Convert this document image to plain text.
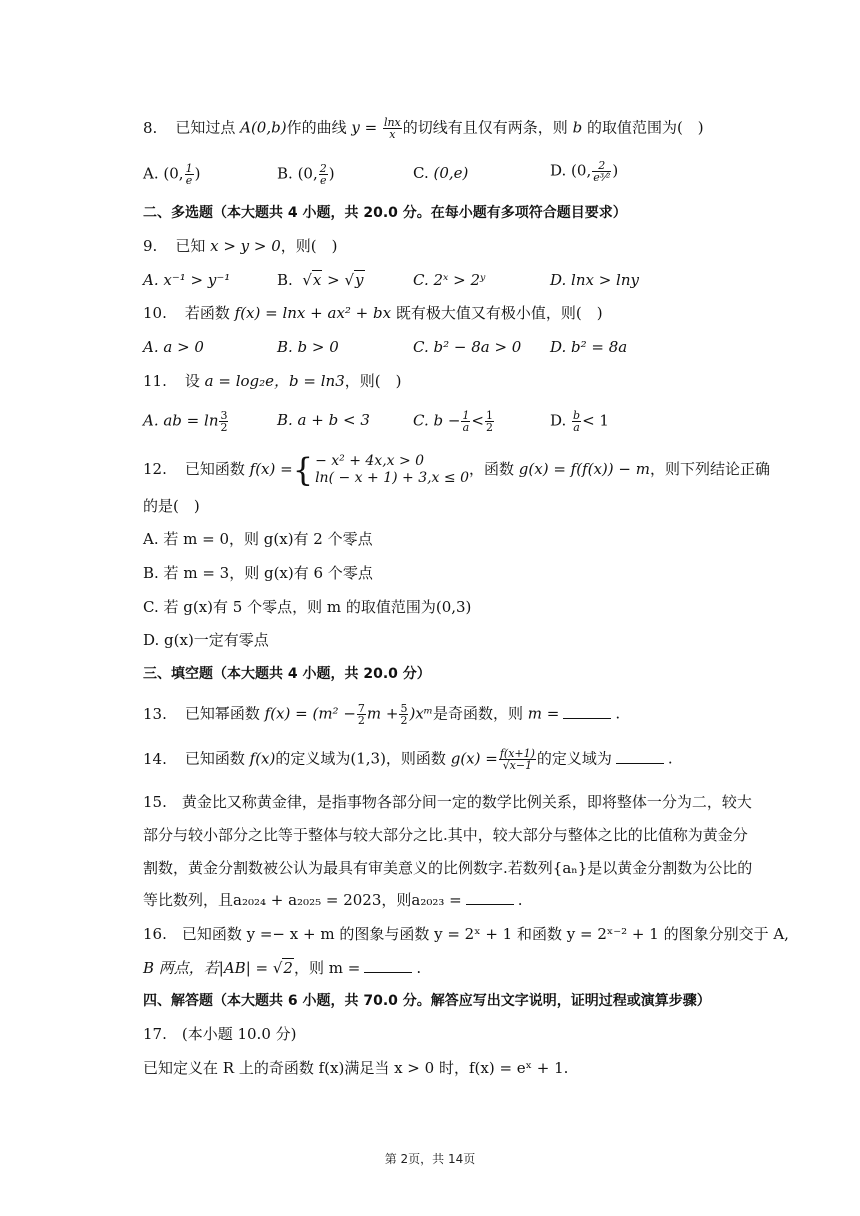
8. 已知过点 A(0,b)作的曲线 $y = \frac{\ln x}{x}$ 的切线有且仅有两条，则 b 的取值范围为(　)
A. (0, $\frac{1}{e}$ )	B. (0, $\frac{2}{e}$ )	C. (0,e)	D. (0, $\frac{2}{\text{e³⁄²}}$ )
二、多选题（本大题共 4 小题，共 20.0 分。在每小题有多项符合题目要求）
9. 已知 x > y > 0，则(　)
A. x⁻¹ > y⁻¹	B. √x > √y	C. 2ˣ > 2ʸ	D. lnx > lny
10. 若函数 f(x) = lnx + ax² + bx 既有极大值又有极小值，则(　)
A. a > 0	B. b > 0	C. b² − 8a > 0 D. b² = 8a
11. 设 a = log₂e，b = ln3，则(　)
A. ab = $\ln \frac{3}{2}$	B. a + b < 3	C. $b - \frac{1}{a} < \frac{1}{2}$	D. $\frac{b}{a} < 1$
12. 已知函数 f(x) ={ − x² + 4x,x > 0
ln( − x + 1) + 3,x ≤ 0 ，函数 g(x) = f(f(x)) − m，则下列结论正确
的是(　)
A. 若 m = 0，则 g(x)有 2 个零点
B. 若 m = 3，则 g(x)有 6 个零点
C. 若 g(x)有 5 个零点，则 m 的取值范围为(0,3)
D. g(x)一定有零点
三、填空题（本大题共 4 小题，共 20.0 分）
13. 已知幂函数 $f(x) = (m^2 - \frac{7}{2}$ $m + \frac{5}{2}$ )xᵐ是奇函数，则 m =	.
14. 已知函数 f(x)的定义域为(1,3)，则函数 $g(x) = \frac{f(x+1)}{√x-1}$ 的定义域为	.
15.　黄金比又称黄金律，是指事物各部分间一定的数学比例关系，即将整体一分为二，较大
部分与较小部分之比等于整体与较大部分之比.其中，较大部分与整体之比的比值称为黄金分
割数，黄金分割数被公认为最具有审美意义的比例数字.若数列{aₙ}是以黄金分割数为公比的
等比数列，且a₂₀₂₄ + a₂₀₂₅ = 2023，则a₂₀₂₃ =	.
16.　已知函数 y =− x + m 的图象与函数 y = 2ˣ + 1 和函数 y = 2ˣ⁻² + 1 的图象分别交于 A,
B 两点，若|AB| = √2，则 m =	.
四、解答题（本大题共 6 小题，共 70.0 分。解答应写出文字说明，证明过程或演算步骤）
17.　(本小题 10.0 分)
已知定义在 R 上的奇函数 f(x)满足当 x > 0 时，f(x) = eˣ + 1.
第 2页，共 14页
